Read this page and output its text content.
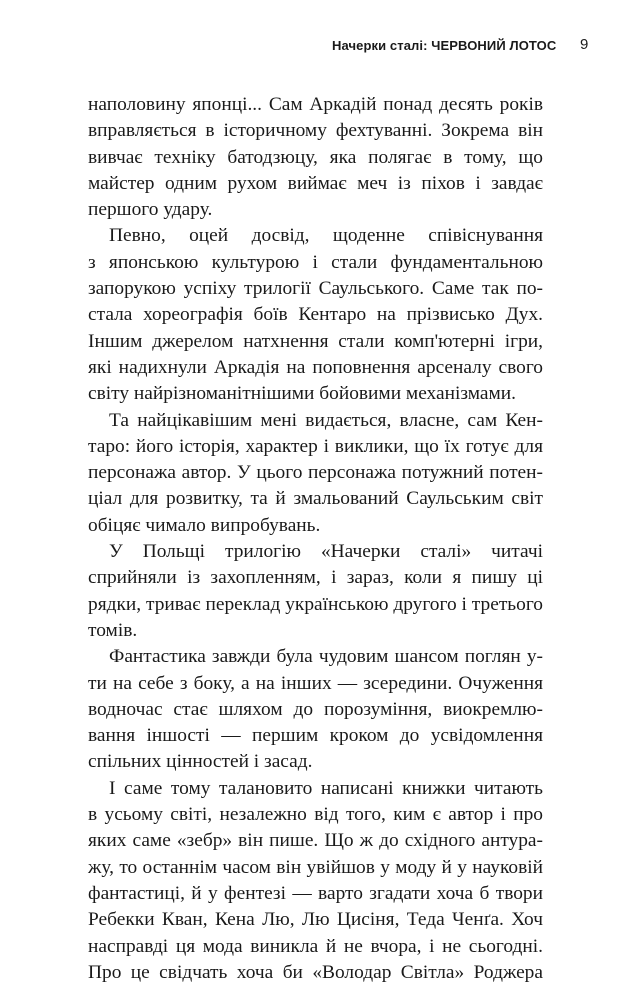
Начерки сталі: ЧЕРВОНИЙ ЛОТОС 9
наполовину японці... Сам Аркадій понад десять років
вправляється в історичному фехтуванні. Зокрема він
вивчає техніку батодзюцу, яка полягає в тому, що
майстер одним рухом виймає меч із піхов і завдає
першого удару.
Певно, оцей досвід, щоденне співіснування
з японською культурою і стали фундаментальною
запорукою успіху трилогії Саульського. Саме так по-
стала хореографія боїв Кентаро на прізвисько Дух.
Іншим джерелом натхнення стали комп'ютерні ігри,
які надихнули Аркадія на поповнення арсеналу свого
світу найрізноманітнішими бойовими механізмами.
Та найцікавішим мені видається, власне, сам Кен-
таро: його історія, характер і виклики, що їх готує для
персонажа автор. У цього персонажа потужний потен-
ціал для розвитку, та й змальований Саульським світ
обіцяє чимало випробувань.
У Польщі трилогію «Начерки сталі» читачі
сприйняли із захопленням, і зараз, коли я пишу ці
рядки, триває переклад українською другого і третього
томів.
Фантастика завжди була чудовим шансом поглян у-
ти на себе з боку, а на інших — зсередини. Очуження
водночас стає шляхом до порозуміння, виокремлю-
вання іншості — першим кроком до усвідомлення
спільних цінностей і засад.
І саме тому талановито написані книжки читають
в усьому світі, незалежно від того, ким є автор і про
яких саме «зебр» він пише. Що ж до східного антура-
жу, то останнім часом він увійшов у моду й у науковій
фантастиці, й у фентезі — варто згадати хоча б твори
Ребекки Кван, Кена Лю, Лю Цисіня, Теда Ченґа. Хоч
насправді ця мода виникла й не вчора, і не сьогодні.
Про це свідчать хоча би «Володар Світла» Роджера
